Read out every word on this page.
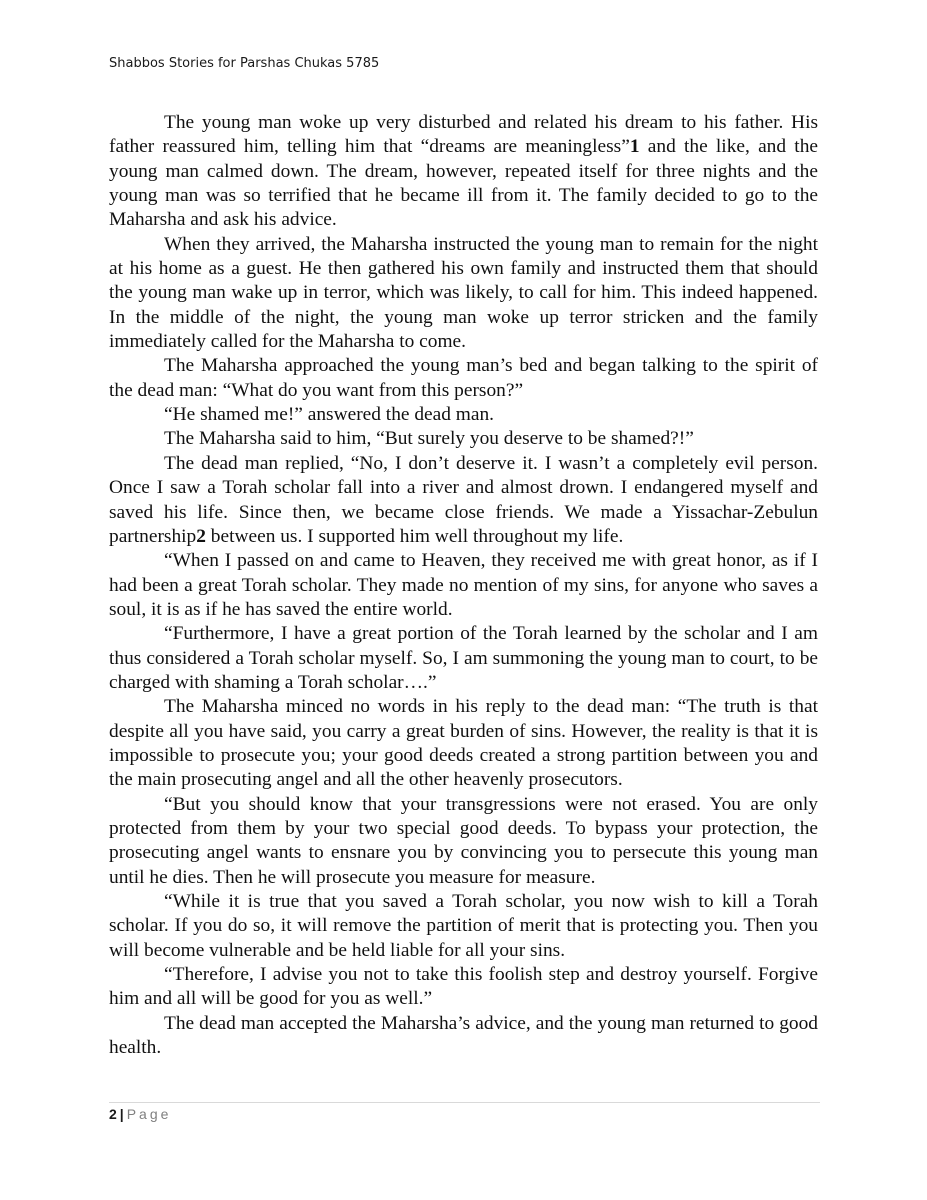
Shabbos Stories for Parshas Chukas 5785

The young man woke up very disturbed and related his dream to his father. His father reassured him, telling him that “dreams are meaningless”1 and the like, and the young man calmed down. The dream, however, repeated itself for three nights and the young man was so terrified that he became ill from it. The family decided to go to the Maharsha and ask his advice.

When they arrived, the Maharsha instructed the young man to remain for the night at his home as a guest. He then gathered his own family and instructed them that should the young man wake up in terror, which was likely, to call for him. This indeed happened. In the middle of the night, the young man woke up terror stricken and the family immediately called for the Maharsha to come.

The Maharsha approached the young man’s bed and began talking to the spirit of the dead man: “What do you want from this person?”

“He shamed me!” answered the dead man.

The Maharsha said to him, “But surely you deserve to be shamed?!”

The dead man replied, “No, I don’t deserve it. I wasn’t a completely evil person. Once I saw a Torah scholar fall into a river and almost drown. I endangered myself and saved his life. Since then, we became close friends. We made a Yissachar-Zebulun partnership2 between us. I supported him well throughout my life.

“When I passed on and came to Heaven, they received me with great honor, as if I had been a great Torah scholar. They made no mention of my sins, for anyone who saves a soul, it is as if he has saved the entire world.

“Furthermore, I have a great portion of the Torah learned by the scholar and I am thus considered a Torah scholar myself. So, I am summoning the young man to court, to be charged with shaming a Torah scholar….”

The Maharsha minced no words in his reply to the dead man: “The truth is that despite all you have said, you carry a great burden of sins. However, the reality is that it is impossible to prosecute you; your good deeds created a strong partition between you and the main prosecuting angel and all the other heavenly prosecutors.

“But you should know that your transgressions were not erased. You are only protected from them by your two special good deeds. To bypass your protection, the prosecuting angel wants to ensnare you by convincing you to persecute this young man until he dies. Then he will prosecute you measure for measure.

“While it is true that you saved a Torah scholar, you now wish to kill a Torah scholar. If you do so, it will remove the partition of merit that is protecting you. Then you will become vulnerable and be held liable for all your sins.

“Therefore, I advise you not to take this foolish step and destroy yourself. Forgive him and all will be good for you as well.”

The dead man accepted the Maharsha’s advice, and the young man returned to good health.

2 | Page
